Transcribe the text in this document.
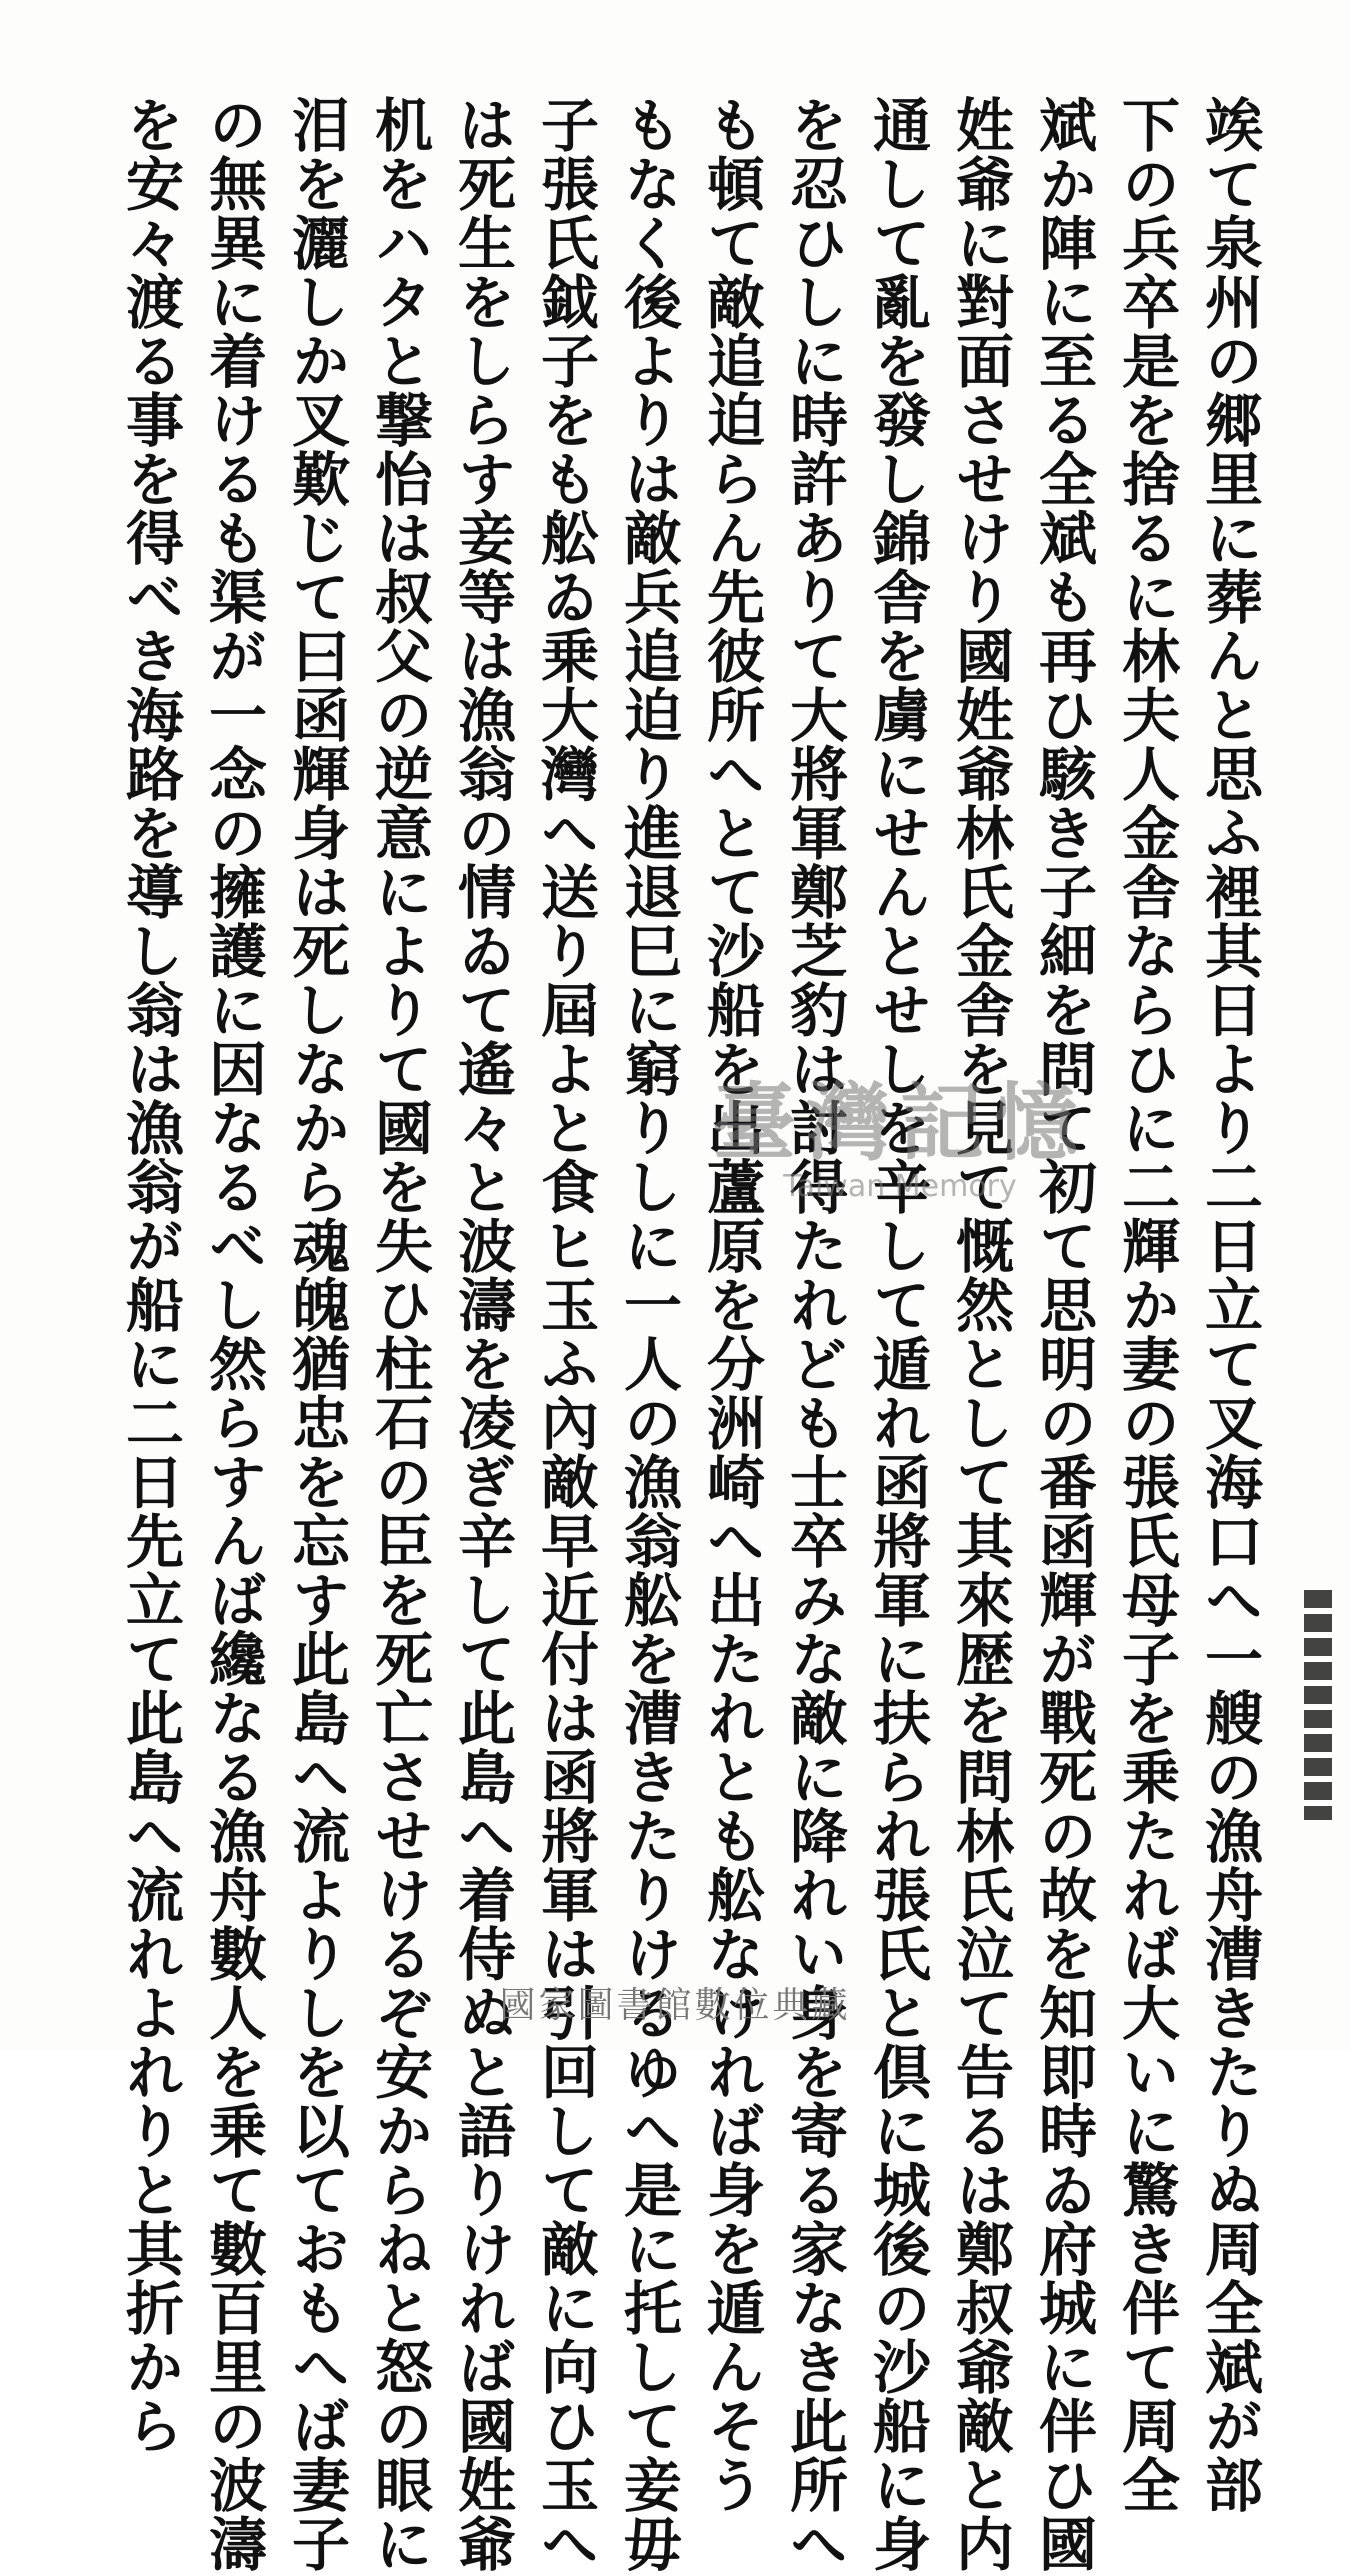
竢て泉州の郷里に葬んと思ふ裡其日より二日立て叉海口へ一艘の漁舟漕きたりぬ周全斌が部
下の兵卒是を捨るに林夫人金舎ならひに二輝か妻の張氏母子を乗たれば大いに驚き伴て周全
斌か陣に至る全斌も再ひ駭き子細を問て初て思明の番函輝が戰死の故を知即時ゐ府城に伴ひ國
姓爺に對面させけり國姓爺林氏金舎を見て慨然として其來歴を問林氏泣て告るは鄭叔爺敵と内
通して亂を發し錦舎を虜にせんとせしを辛して遁れ函將軍に扶られ張氏と倶に城後の沙船に身
を忍ひしに時許ありて大將軍鄭芝豹は討得たれども士卒みな敵に降れい身を寄る家なき此所へ
も頓て敵追迫らん先彼所へとて沙船を出蘆原を分洲崎へ出たれとも舩なければ身を遁んそう
もなく後よりは敵兵追迫り進退巳に窮りしに一人の漁翁舩を漕きたりけるゆへ是に托して妾毋
子張氏鉞子をも舩ゐ乗大灣へ送り屆よと食ヒ玉ふ內敵早近付は函將軍は引回して敵に向ひ玉へ
は死生をしらす妾等は漁翁の情ゐて遙々と波濤を凌ぎ辛して此島へ着侍ぬと語りければ國姓爺
机をハタと撃怡は叔父の逆意によりて國を失ひ柱石の臣を死亡させけるぞ安からねと怒の眼に
泪を灑しか叉歎じて曰函輝身は死しなから魂魄猶忠を忘す此島へ流よりしを以ておもへば妻子
の無異に着けるも渠が一念の擁護に因なるべし然らすんば纔なる漁舟數人を乗て數百里の波濤
を安々渡る事を得べき海路を導し翁は漁翁が船に二日先立て此島へ流れよれりと其折から	臺灣記憶
Taiwan Memory
國家圖書館數位典藏
